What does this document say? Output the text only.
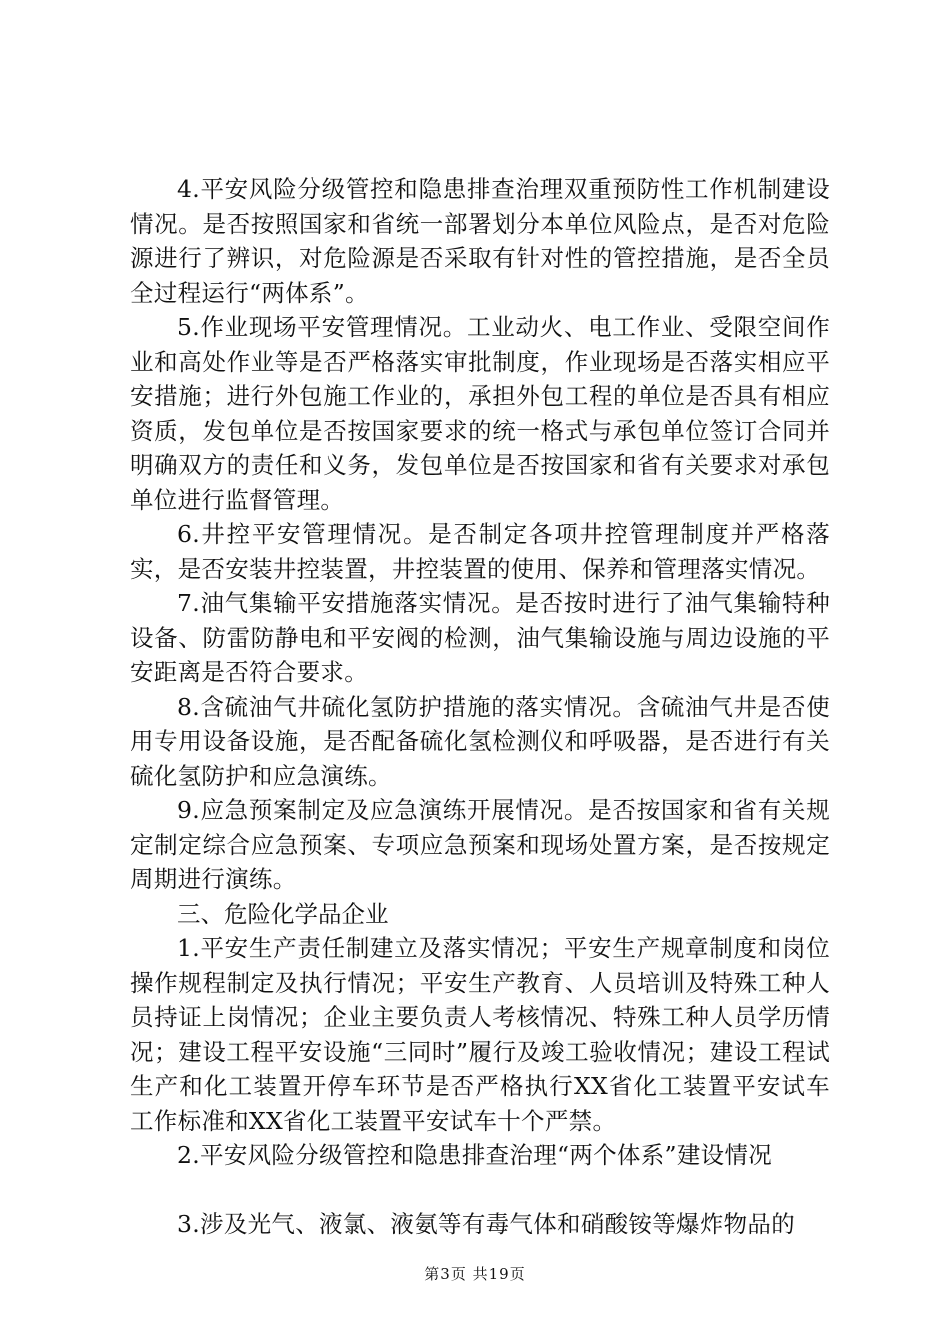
4.平安风险分级管控和隐患排查治理双重预防性工作机制建设情况。是否按照国家和省统一部署划分本单位风险点，是否对危险源进行了辨识，对危险源是否采取有针对性的管控措施，是否全员全过程运行“两体系”。

5.作业现场平安管理情况。工业动火、电工作业、受限空间作业和高处作业等是否严格落实审批制度，作业现场是否落实相应平安措施；进行外包施工作业的，承担外包工程的单位是否具有相应资质，发包单位是否按国家要求的统一格式与承包单位签订合同并明确双方的责任和义务，发包单位是否按国家和省有关要求对承包单位进行监督管理。

6.井控平安管理情况。是否制定各项井控管理制度并严格落实，是否安装井控装置，井控装置的使用、保养和管理落实情况。

7.油气集输平安措施落实情况。是否按时进行了油气集输特种设备、防雷防静电和平安阀的检测，油气集输设施与周边设施的平安距离是否符合要求。

8.含硫油气井硫化氢防护措施的落实情况。含硫油气井是否使用专用设备设施，是否配备硫化氢检测仪和呼吸器，是否进行有关硫化氢防护和应急演练。

9.应急预案制定及应急演练开展情况。是否按国家和省有关规定制定综合应急预案、专项应急预案和现场处置方案，是否按规定周期进行演练。

三、危险化学品企业

1.平安生产责任制建立及落实情况；平安生产规章制度和岗位操作规程制定及执行情况；平安生产教育、人员培训及特殊工种人员持证上岗情况；企业主要负责人考核情况、特殊工种人员学历情况；建设工程平安设施“三同时”履行及竣工验收情况；建设工程试生产和化工装置开停车环节是否严格执行XX省化工装置平安试车工作标准和XX省化工装置平安试车十个严禁。

2.平安风险分级管控和隐患排查治理“两个体系”建设情况

3.涉及光气、液氯、液氨等有毒气体和硝酸铵等爆炸物品的

第3页 共19页
